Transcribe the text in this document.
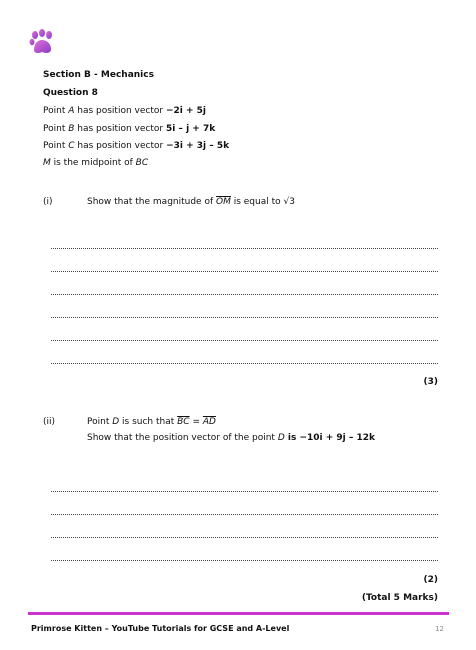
Section B - Mechanics
Question 8
Point A has position vector −2i + 5j
Point B has position vector 5i – j + 7k
Point C has position vector −3i + 3j – 5k
M is the midpoint of BC
(i)	Show that the magnitude of $\overline{OM}$ is equal to √3
(3)
(ii)	Point D is such that $\overline{BC} = \overline{AD}$
Show that the position vector of the point D is −10i + 9j – 12k
(2)
(Total 5 Marks)
Primrose Kitten – YouTube Tutorials for GCSE and A-Level	12
